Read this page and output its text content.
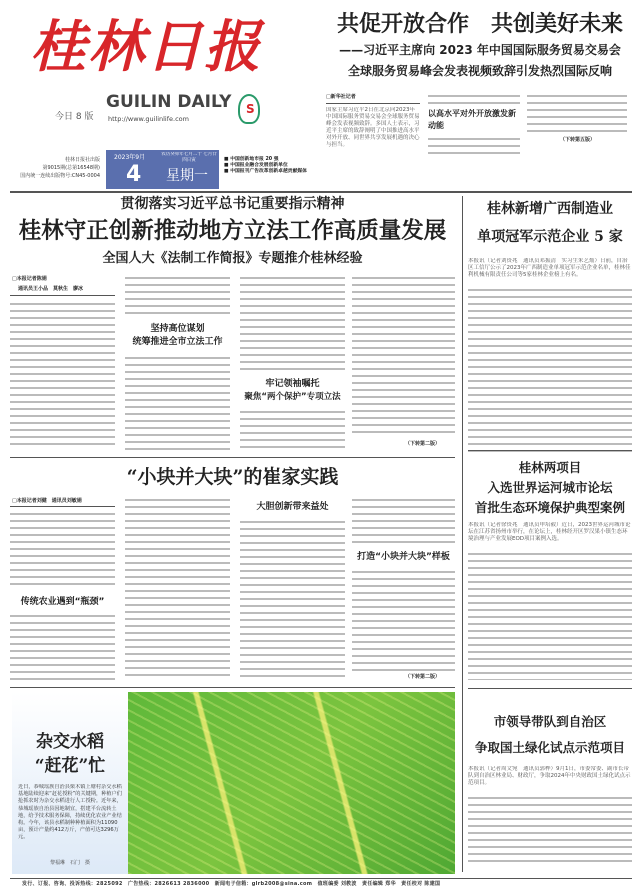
桂林日报
今日 8 版
GUILIN DAILY
http://www.guilinlife.com
S
桂林日报社出版
第9015期(总第16548期)
国内统一连续出版物号:CN45-0004
2023年9月	农历癸卯年七月二十 七月廿四日寅
4 星期一
■ 中国创新地市报 20 强
■ 中国报业融合发展创新单位
■ 中国报刊广告改革创新卓越贡献媒体
共促开放合作　共创美好未来
——习近平主席向 2023 年中国国际服务贸易交易会
全球服务贸易峰会发表视频致辞引发热烈国际反响
□新华社记者
国家主席习近平2日在北京向2023年中国国际服务贸易交易会全球服务贸易峰会发表视频致辞。多国人士表示，习近平主席的致辞阐明了中国推进高水平对外开放、同世界共享发展机遇的决心与担当。
以高水平对外开放激发新动能
（下转第五版）
贯彻落实习近平总书记重要指示精神
桂林守正创新推动地方立法工作高质量发展
全国人大《法制工作简报》专题推介桂林经验
□本报记者陈娟
通讯员王小品　莫秋生　廖冰
坚持高位谋划
统筹推进全市立法工作
牢记领袖嘱托
聚焦“两个保护”专项立法
（下转第二版）
“小块并大块”的崔家实践
□本报记者刘健　通讯员刘敏娟
传统农业遇到“瓶颈”
大胆创新带来益处
打造“小块并大块”样板
（下转第二版）
杂交水稻
“赶花”忙
近日，恭城瑶族自治县栗木镇上塘村杂交水稻基地陆续迎来“赶花授粉”的关键期，种植户们抢抓农时为杂交水稻进行人工授粉。近年来，恭城瑶族自治县因地制宜，搭建平台流转土地，给予技术服务保障，持续优化农业产业结构。今年，该县水稻制种种植面积为11090亩，预计产量约412万斤，产值可达3296万元。
黎福琳　石门　摄
桂林新增广西制造业
单项冠军示范企业 5 家
本报讯（记者刘资兆　通讯员邓振清　实习生朱艺灿）日前，自治区工信厅公示了2023年广西制造业单项冠军示范企业名单，桂林佳利机械有限责任公司等5家桂林企业榜上有名。
桂林两项目
入选世界运河城市论坛
首批生态环境保护典型案例
本报讯（记者徐资兆　通讯员申培毅）近日，2023世界运河城市论坛在江苏省扬州市举行，在论坛上，桂林经开区罗汉果小镇生态环境治理与产业发展EOD项目案例入选。
市领导带队到自治区
争取国土绿化试点示范项目
本报讯（记者周文宛　通讯员郭桦）9月1日，市委常委、副市长带队到自治区林业局、财政厅，争取2024年中央财政国土绿化试点示范项目。
发行、订报、咨询、投诉热线：2825092　广告热线：2826613 2836000　新闻电子信箱：glrb2008@sina.com　值班编委 刘教波　责任编辑 郑华　责任校对 陈建国
